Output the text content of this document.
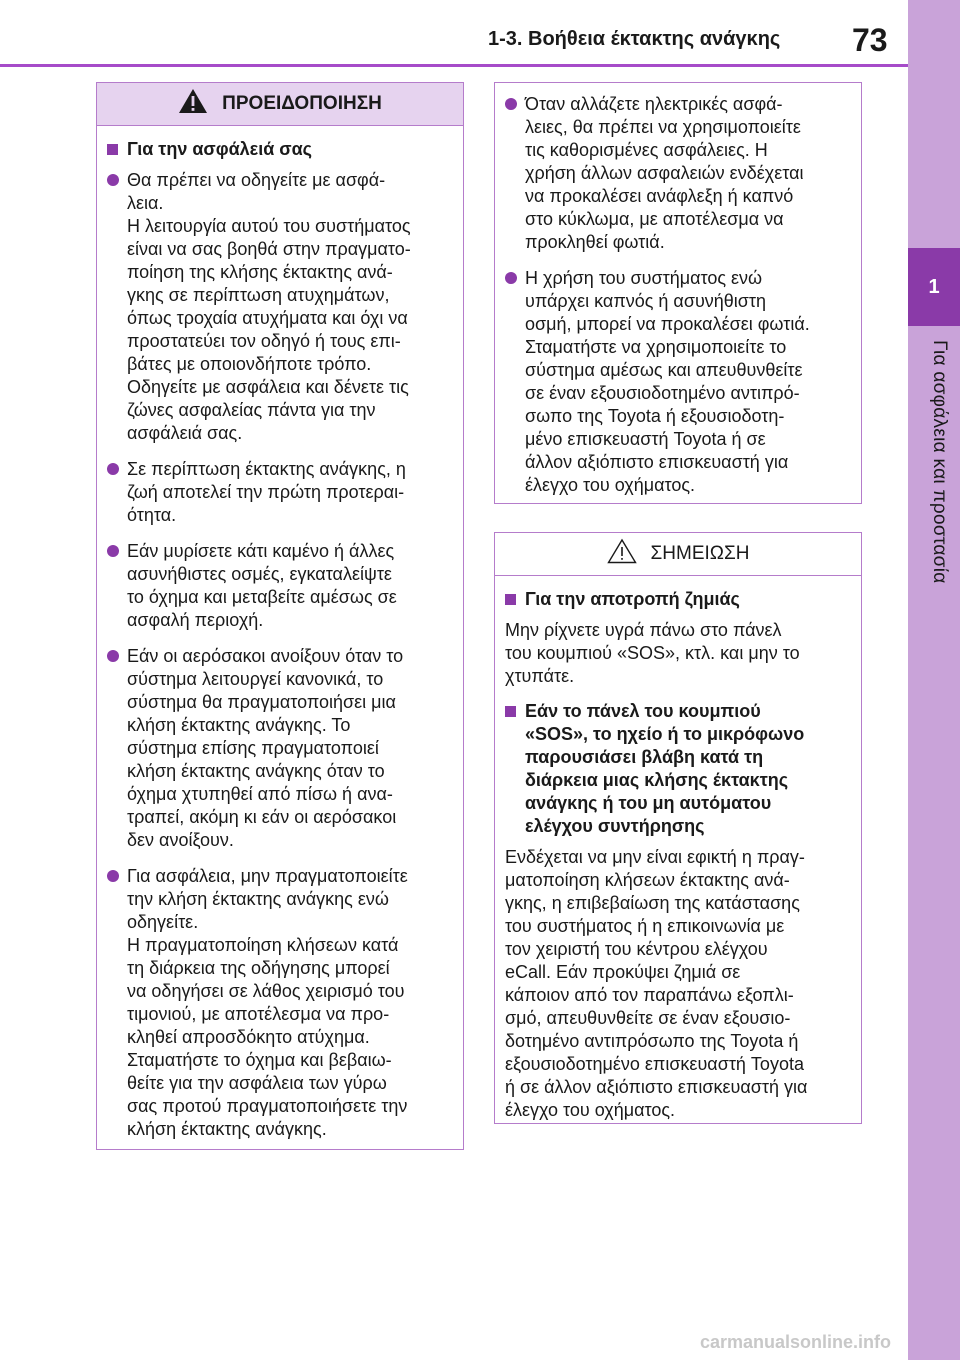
1
Για ασφάλεια και προστασία
1-3. Βοήθεια έκτακτης ανάγκης 73
ΠΡΟΕΙΔΟΠΟΙΗΣΗ
Για την ασφάλειά σας
Θα πρέπει να οδηγείτε με ασφά-
λεια.
Η λειτουργία αυτού του συστήματος
είναι να σας βοηθά στην πραγματο-
ποίηση της κλήσης έκτακτης ανά-
γκης σε περίπτωση ατυχημάτων,
όπως τροχαία ατυχήματα και όχι να
προστατεύει τον οδηγό ή τους επι-
βάτες με οποιονδήποτε τρόπο.
Οδηγείτε με ασφάλεια και δένετε τις
ζώνες ασφαλείας πάντα για την
ασφάλειά σας.
Σε περίπτωση έκτακτης ανάγκης, η
ζωή αποτελεί την πρώτη προτεραι-
ότητα.
Εάν μυρίσετε κάτι καμένο ή άλλες
ασυνήθιστες οσμές, εγκαταλείψτε
το όχημα και μεταβείτε αμέσως σε
ασφαλή περιοχή.
Εάν οι αερόσακοι ανοίξουν όταν το
σύστημα λειτουργεί κανονικά, το
σύστημα θα πραγματοποιήσει μια
κλήση έκτακτης ανάγκης. Το
σύστημα επίσης πραγματοποιεί
κλήση έκτακτης ανάγκης όταν το
όχημα χτυπηθεί από πίσω ή ανα-
τραπεί, ακόμη κι εάν οι αερόσακοι
δεν ανοίξουν.
Για ασφάλεια, μην πραγματοποιείτε
την κλήση έκτακτης ανάγκης ενώ
οδηγείτε.
Η πραγματοποίηση κλήσεων κατά
τη διάρκεια της οδήγησης μπορεί
να οδηγήσει σε λάθος χειρισμό του
τιμονιού, με αποτέλεσμα να προ-
κληθεί απροσδόκητο ατύχημα.
Σταματήστε το όχημα και βεβαιω-
θείτε για την ασφάλεια των γύρω
σας προτού πραγματοποιήσετε την
κλήση έκτακτης ανάγκης.
Όταν αλλάζετε ηλεκτρικές ασφά-
λειες, θα πρέπει να χρησιμοποιείτε
τις καθορισμένες ασφάλειες. Η
χρήση άλλων ασφαλειών ενδέχεται
να προκαλέσει ανάφλεξη ή καπνό
στο κύκλωμα, με αποτέλεσμα να
προκληθεί φωτιά.
Η χρήση του συστήματος ενώ
υπάρχει καπνός ή ασυνήθιστη
οσμή, μπορεί να προκαλέσει φωτιά.
Σταματήστε να χρησιμοποιείτε το
σύστημα αμέσως και απευθυνθείτε
σε έναν εξουσιοδοτημένο αντιπρό-
σωπο της Toyota ή εξουσιοδοτη-
μένο επισκευαστή Toyota ή σε
άλλον αξιόπιστο επισκευαστή για
έλεγχο του οχήματος.
ΣΗΜΕΙΩΣΗ
Για την αποτροπή ζημιάς
Μην ρίχνετε υγρά πάνω στο πάνελ
του κουμπιού «SOS», κτλ. και μην το
χτυπάτε.
Εάν το πάνελ του κουμπιού
«SOS», το ηχείο ή το μικρόφωνο
παρουσιάσει βλάβη κατά τη
διάρκεια μιας κλήσης έκτακτης
ανάγκης ή του μη αυτόματου
ελέγχου συντήρησης
Ενδέχεται να μην είναι εφικτή η πραγ-
ματοποίηση κλήσεων έκτακτης ανά-
γκης, η επιβεβαίωση της κατάστασης
του συστήματος ή η επικοινωνία με
τον χειριστή του κέντρου ελέγχου
eCall. Εάν προκύψει ζημιά σε
κάποιον από τον παραπάνω εξοπλι-
σμό, απευθυνθείτε σε έναν εξουσιο-
δοτημένο αντιπρόσωπο της Toyota ή
εξουσιοδοτημένο επισκευαστή Toyota
ή σε άλλον αξιόπιστο επισκευαστή για
έλεγχο του οχήματος.
carmanualsonline.info
